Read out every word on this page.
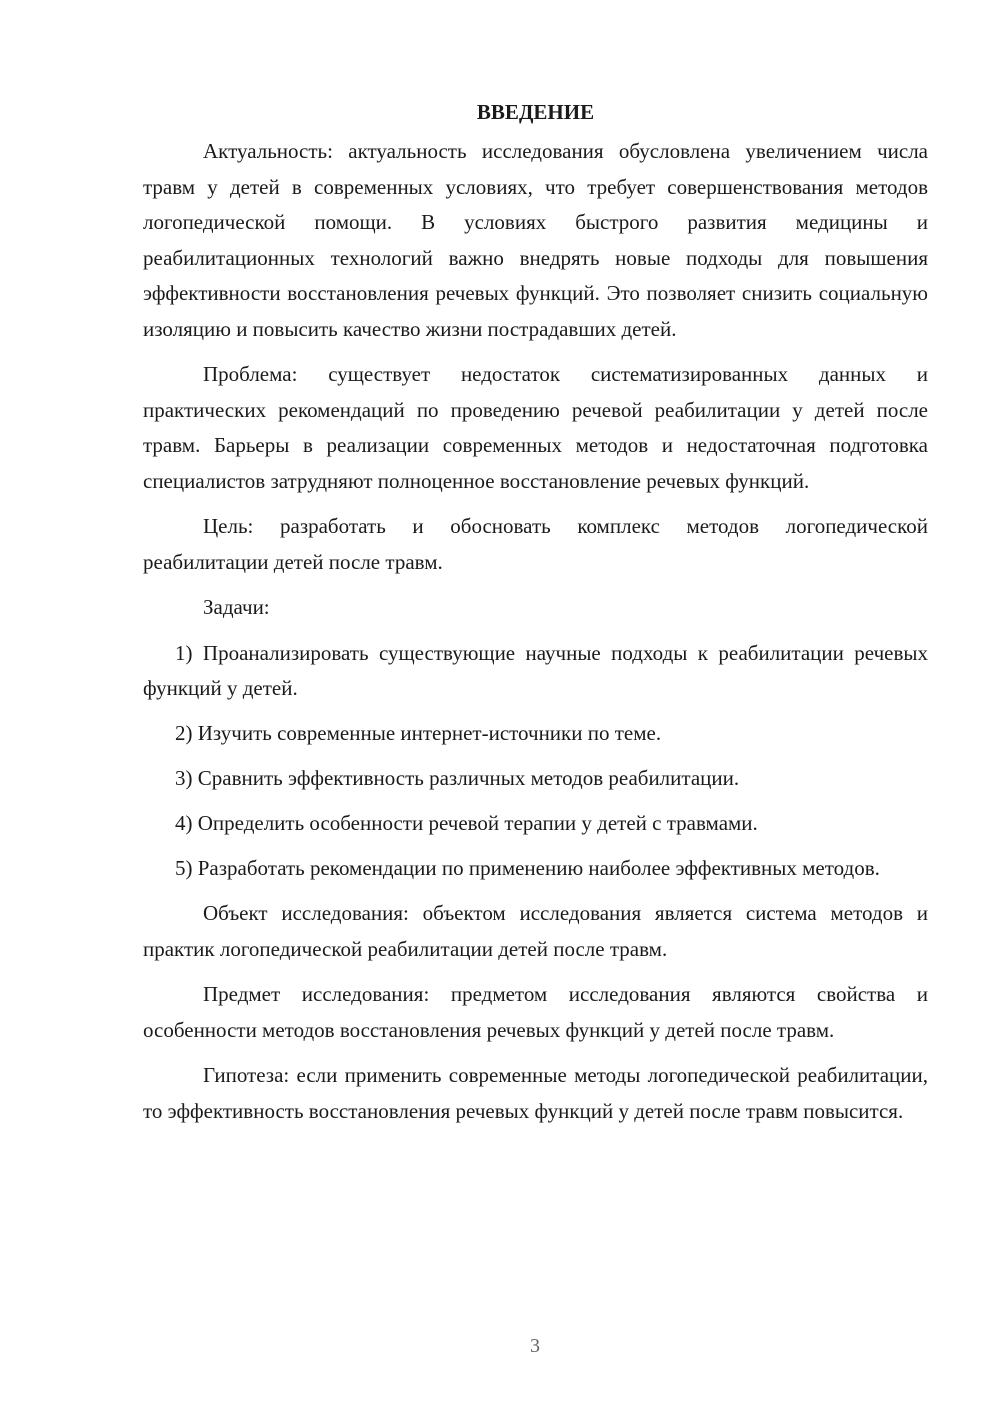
ВВЕДЕНИЕ

Актуальность: актуальность исследования обусловлена увеличением числа травм у детей в современных условиях, что требует совершенствования методов логопедической помощи. В условиях быстрого развития медицины и реабилитационных технологий важно внедрять новые подходы для повышения эффективности восстановления речевых функций. Это позволяет снизить социальную изоляцию и повысить качество жизни пострадавших детей.

Проблема: существует недостаток систематизированных данных и практических рекомендаций по проведению речевой реабилитации у детей после травм. Барьеры в реализации современных методов и недостаточная подготовка специалистов затрудняют полноценное восстановление речевых функций.

Цель: разработать и обосновать комплекс методов логопедической реабилитации детей после травм.

Задачи:

1) Проанализировать существующие научные подходы к реабилитации речевых функций у детей.

2) Изучить современные интернет-источники по теме.

3) Сравнить эффективность различных методов реабилитации.

4) Определить особенности речевой терапии у детей с травмами.

5) Разработать рекомендации по применению наиболее эффективных методов.

Объект исследования: объектом исследования является система методов и практик логопедической реабилитации детей после травм.

Предмет исследования: предметом исследования являются свойства и особенности методов восстановления речевых функций у детей после травм.

Гипотеза: если применить современные методы логопедической реабилитации, то эффективность восстановления речевых функций у детей после травм повысится.

3
